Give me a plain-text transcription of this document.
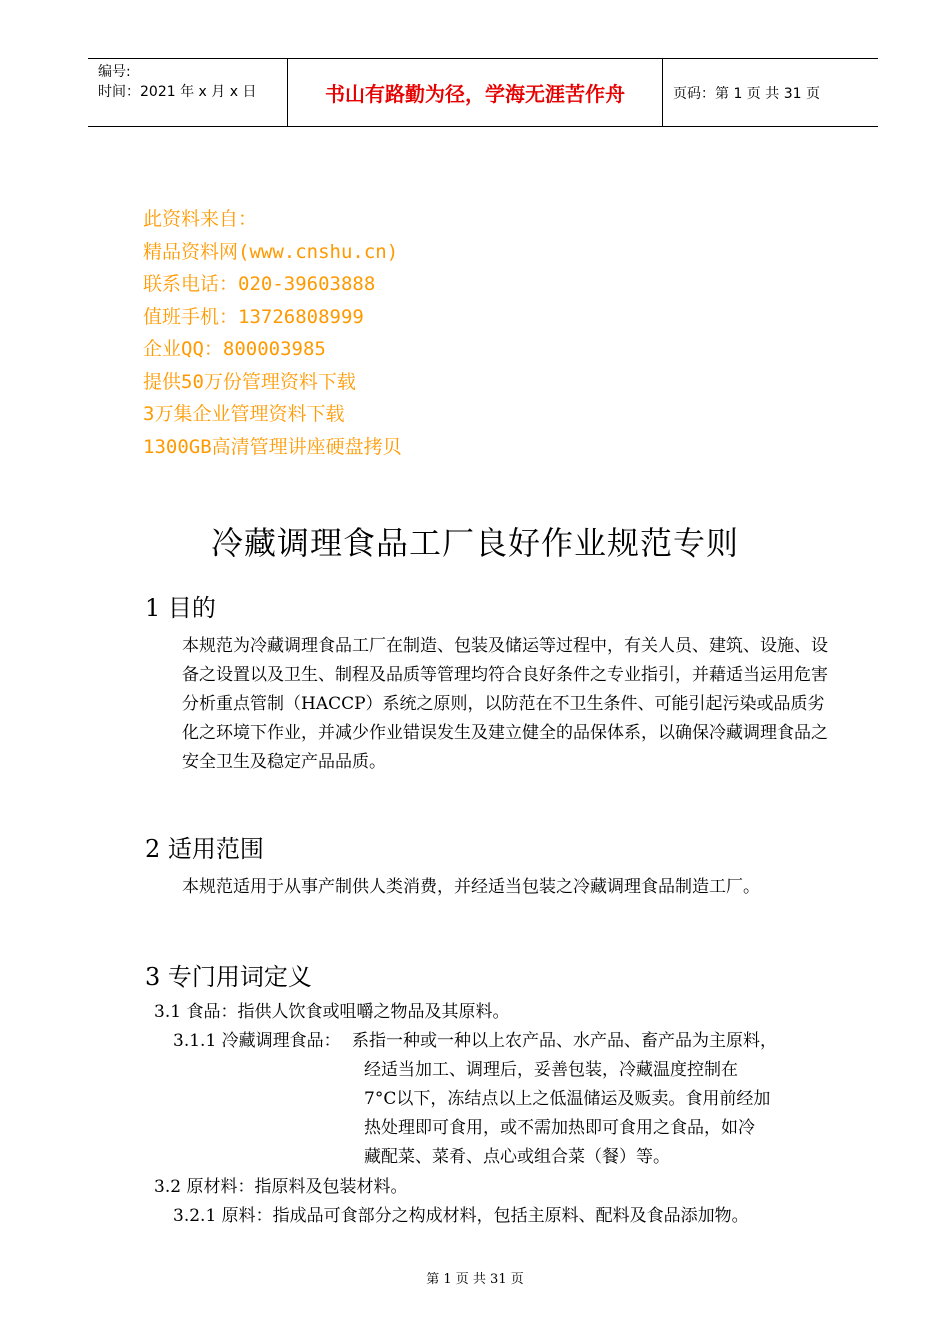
编号:
时间：2021 年 x 月 x 日	书山有路勤为径，学海无涯苦作舟	页码：第 1 页 共 31 页
此资料来自：
精品资料网(www.cnshu.cn)
联系电话：020-39603888
值班手机：13726808999
企业QQ：800003985
提供50万份管理资料下载
3万集企业管理资料下载
1300GB高清管理讲座硬盘拷贝
冷藏调理食品工厂良好作业规范专则
1 目的
本规范为冷藏调理食品工厂在制造、包装及储运等过程中，有关人员、建筑、设施、设备之设置以及卫生、制程及品质等管理均符合良好条件之专业指引，并藉适当运用危害分析重点管制（HACCP）系统之原则，以防范在不卫生条件、可能引起污染或品质劣化之环境下作业，并减少作业错误发生及建立健全的品保体系，以确保冷藏调理食品之安全卫生及稳定产品品质。
2 适用范围
本规范适用于从事产制供人类消费，并经适当包装之冷藏调理食品制造工厂。
3 专门用词定义
3.1 食品：指供人饮食或咀嚼之物品及其原料。
3.1.1 冷藏调理食品： 系指一种或一种以上农产品、水产品、畜产品为主原料，
经适当加工、调理后，妥善包装，冷藏温度控制在
7°C以下，冻结点以上之低温储运及贩卖。食用前经加
热处理即可食用，或不需加热即可食用之食品，如冷
藏配菜、菜肴、点心或组合菜（餐）等。
3.2 原材料：指原料及包装材料。
3.2.1 原料：指成品可食部分之构成材料，包括主原料、配料及食品添加物。
第 1 页 共 31 页
